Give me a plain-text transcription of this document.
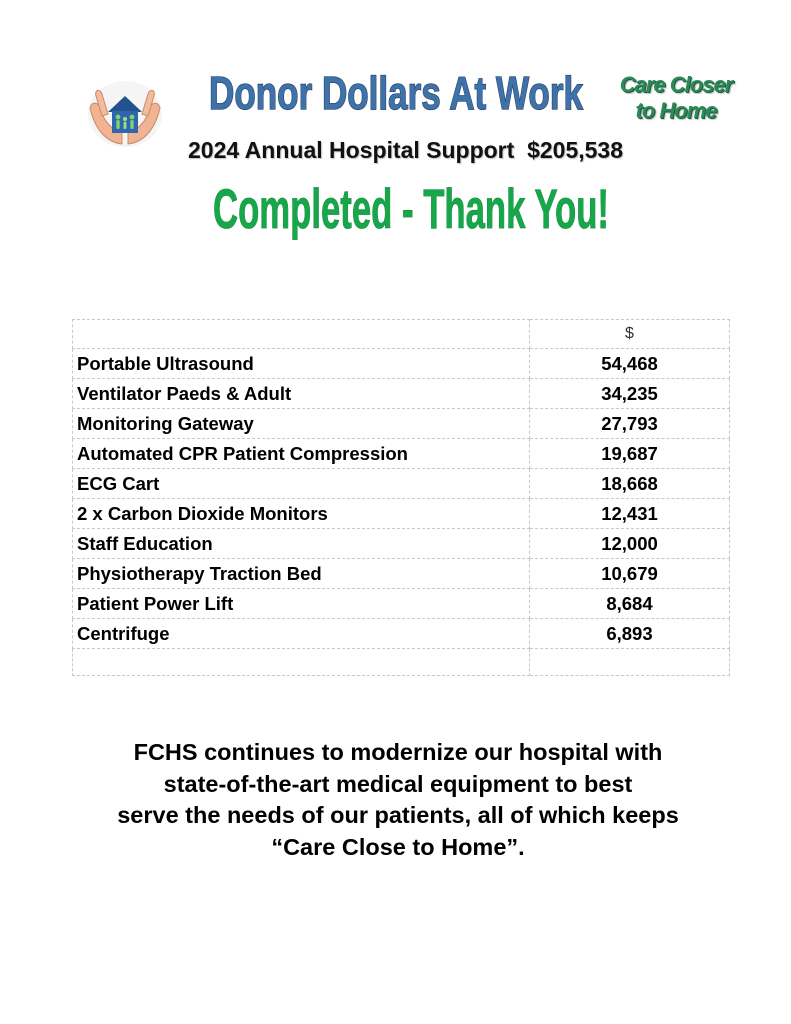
Donor Dollars At Work	Care Closer
to Home
2024 Annual Hospital Support  $205,538
Completed - Thank You!
	$
Portable Ultrasound	54,468
Ventilator Paeds & Adult	34,235
Monitoring Gateway	27,793
Automated CPR Patient Compression	19,687
ECG Cart	18,668
2 x Carbon Dioxide Monitors	12,431
Staff Education	12,000
Physiotherapy Traction Bed	10,679
Patient Power Lift	8,684
Centrifuge	6,893

FCHS continues to modernize our hospital with
state-of-the-art medical equipment to best
serve the needs of our patients, all of which keeps
“Care Close to Home”.
